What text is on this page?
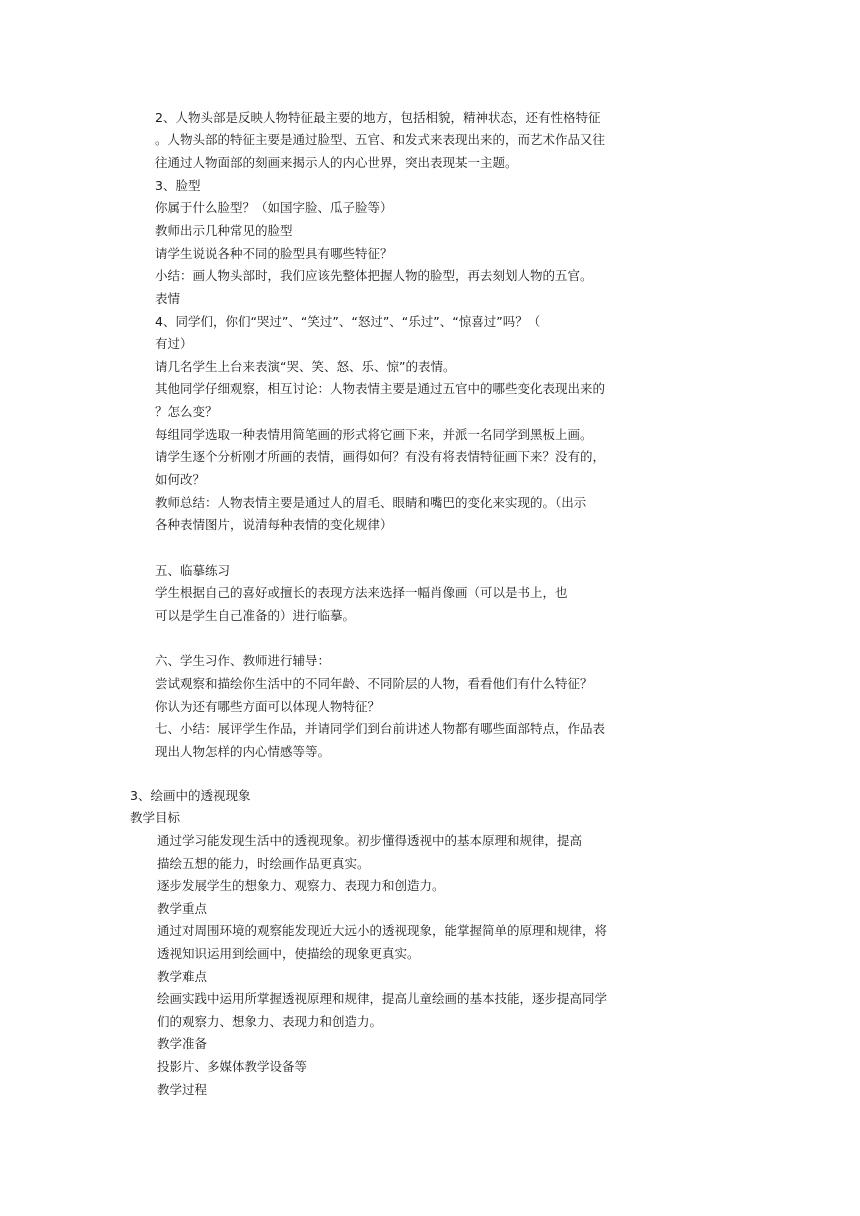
2、人物头部是反映人物特征最主要的地方，包括相貌，精神状态，还有性格特征
。人物头部的特征主要是通过脸型、五官、和发式来表现出来的，而艺术作品又往
往通过人物面部的刻画来揭示人的内心世界，突出表现某一主题。
3、脸型
你属于什么脸型？（如国字脸、瓜子脸等）
教师出示几种常见的脸型
请学生说说各种不同的脸型具有哪些特征？
小结：画人物头部时，我们应该先整体把握人物的脸型，再去刻划人物的五官。
表情
4、同学们，你们“哭过”、“笑过”、“怒过”、“乐过”、“惊喜过”吗？（
有过）
请几名学生上台来表演“哭、笑、怒、乐、惊”的表情。
其他同学仔细观察，相互讨论：人物表情主要是通过五官中的哪些变化表现出来的
？怎么变？
每组同学选取一种表情用简笔画的形式将它画下来，并派一名同学到黑板上画。
请学生逐个分析刚才所画的表情，画得如何？有没有将表情特征画下来？没有的，
如何改？
教师总结：人物表情主要是通过人的眉毛、眼睛和嘴巴的变化来实现的。（出示
各种表情图片，说清每种表情的变化规律）
五、临摹练习
学生根据自己的喜好或擅长的表现方法来选择一幅肖像画（可以是书上，也
可以是学生自己准备的）进行临摹。
六、学生习作、教师进行辅导：
尝试观察和描绘你生活中的不同年龄、不同阶层的人物，看看他们有什么特征？
你认为还有哪些方面可以体现人物特征？
七、小结：展评学生作品，并请同学们到台前讲述人物都有哪些面部特点，作品表
现出人物怎样的内心情感等等。
3、绘画中的透视现象
教学目标
通过学习能发现生活中的透视现象。初步懂得透视中的基本原理和规律，提高
描绘五想的能力，时绘画作品更真实。
逐步发展学生的想象力、观察力、表现力和创造力。
教学重点
通过对周围环境的观察能发现近大远小的透视现象，能掌握简单的原理和规律，将
透视知识运用到绘画中，使描绘的现象更真实。
教学难点
绘画实践中运用所掌握透视原理和规律，提高儿童绘画的基本技能，逐步提高同学
们的观察力、想象力、表现力和创造力。
教学准备
投影片、多媒体教学设备等
教学过程
